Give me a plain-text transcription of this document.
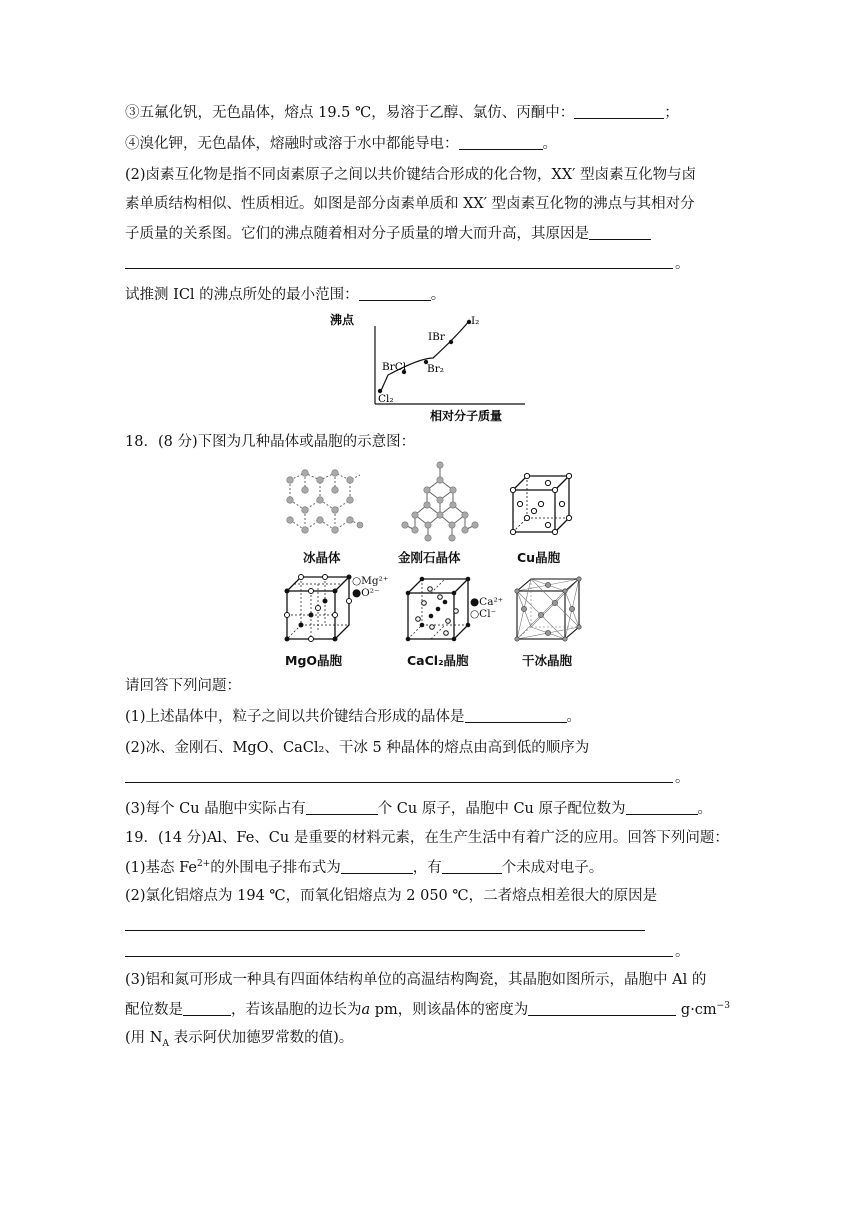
③五氟化钒，无色晶体，熔点 19.5 ℃，易溶于乙醇、氯仿、丙酮中：	；
④溴化钾，无色晶体，熔融时或溶于水中都能导电：	。
(2)卤素互化物是指不同卤素原子之间以共价键结合形成的化合物，XX′ 型卤素互化物与卤
素单质结构相似、性质相近。如图是部分卤素单质和 XX′ 型卤素互化物的沸点与其相对分
子质量的关系图。它们的沸点随着相对分子质量的增大而升高，其原因是
。
试推测 ICl 的沸点所处的最小范围：	。
沸点
Cl₂
BrCl Br₂
IBr
I₂
相对分子质量
18．(8 分)下图为几种晶体或晶胞的示意图：
冰晶体	金刚石晶体	Cu晶胞
○Mg²⁺
●O²⁻
MgO晶胞
●Ca²⁺
○Cl⁻
CaCl₂晶胞	干冰晶胞
请回答下列问题：
(1)上述晶体中，粒子之间以共价键结合形成的晶体是	。
(2)冰、金刚石、MgO、CaCl₂、干冰 5 种晶体的熔点由高到低的顺序为
。
(3)每个 Cu 晶胞中实际占有	个 Cu 原子，晶胞中 Cu 原子配位数为	。
19．(14 分)Al、Fe、Cu 是重要的材料元素，在生产生活中有着广泛的应用。回答下列问题：
(1)基态 $Fe^{2+}$的外围电子排布式为	，有	个未成对电子。
(2)氯化铝熔点为 194 ℃，而氧化铝熔点为 2 050 ℃，二者熔点相差很大的原因是
。
(3)铝和氮可形成一种具有四面体结构单位的高温结构陶瓷，其晶胞如图所示，晶胞中 Al 的
配位数是	，若该晶胞的边长为a pm，则该晶体的密度为	$g\cdot cm^{-3}$
(用 $N_A$ 表示阿伏加德罗常数的值)。
